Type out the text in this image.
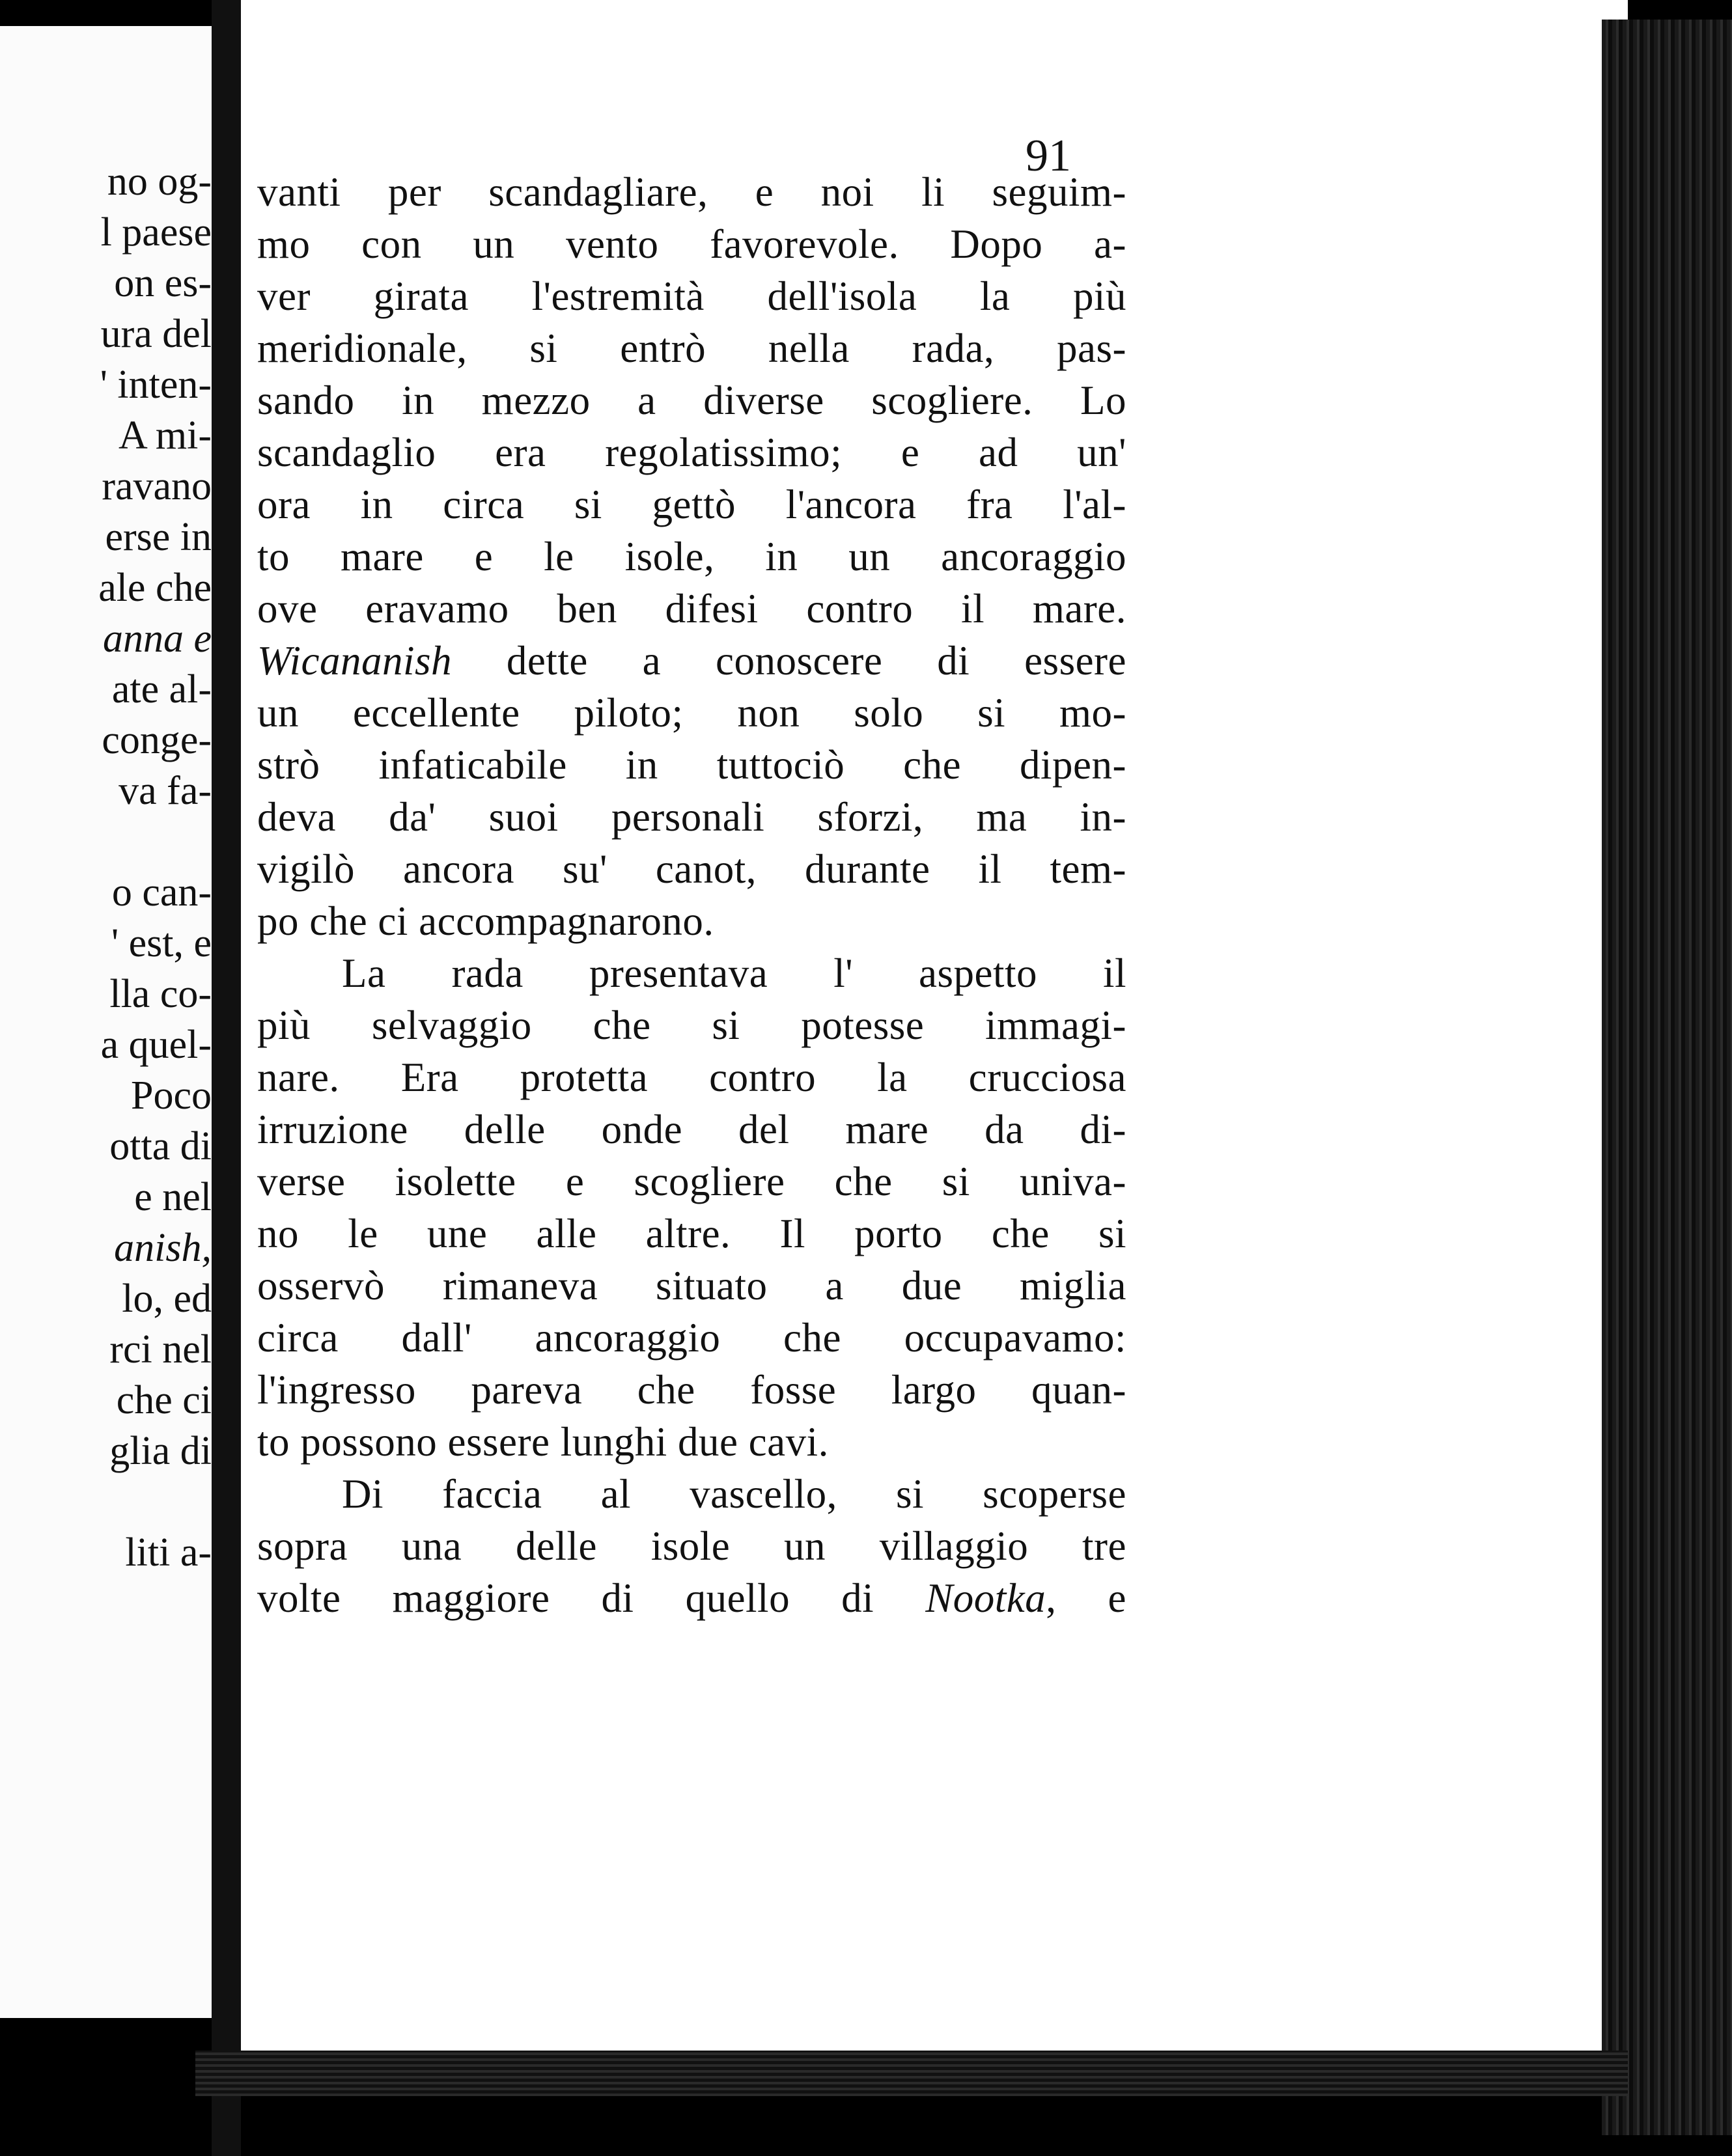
no og-
l paese
on es-
ura del
' inten-
A mi-
ravano
erse in
ale che
anna e
ate al-
conge-
va fa-
o can-
' est, e
lla co-
a quel-
Poco
otta di
e nel
anish,
lo, ed
rci nel
che ci
glia di
liti a-
91
vanti per scandagliare, e noi li seguim-
mo con un vento favorevole. Dopo a-
ver girata l'estremità dell'isola la più
meridionale, si entrò nella rada, pas-
sando in mezzo a diverse scogliere. Lo
scandaglio era regolatissimo; e ad un'
ora in circa si gettò l'ancora fra l'al-
to mare e le isole, in un ancoraggio
ove eravamo ben difesi contro il mare.
Wicananish dette a conoscere di essere
un eccellente piloto; non solo si mo-
strò infaticabile in tuttociò che dipen-
deva da' suoi personali sforzi, ma in-
vigilò ancora su' canot, durante il tem-
po che ci accompagnarono.
La rada presentava l' aspetto il
più selvaggio che si potesse immagi-
nare. Era protetta contro la crucciosa
irruzione delle onde del mare da di-
verse isolette e scogliere che si univa-
no le une alle altre. Il porto che si
osservò rimaneva situato a due miglia
circa dall' ancoraggio che occupavamo:
l'ingresso pareva che fosse largo quan-
to possono essere lunghi due cavi.
Di faccia al vascello, si scoperse
sopra una delle isole un villaggio tre
volte maggiore di quello di Nootka, e
